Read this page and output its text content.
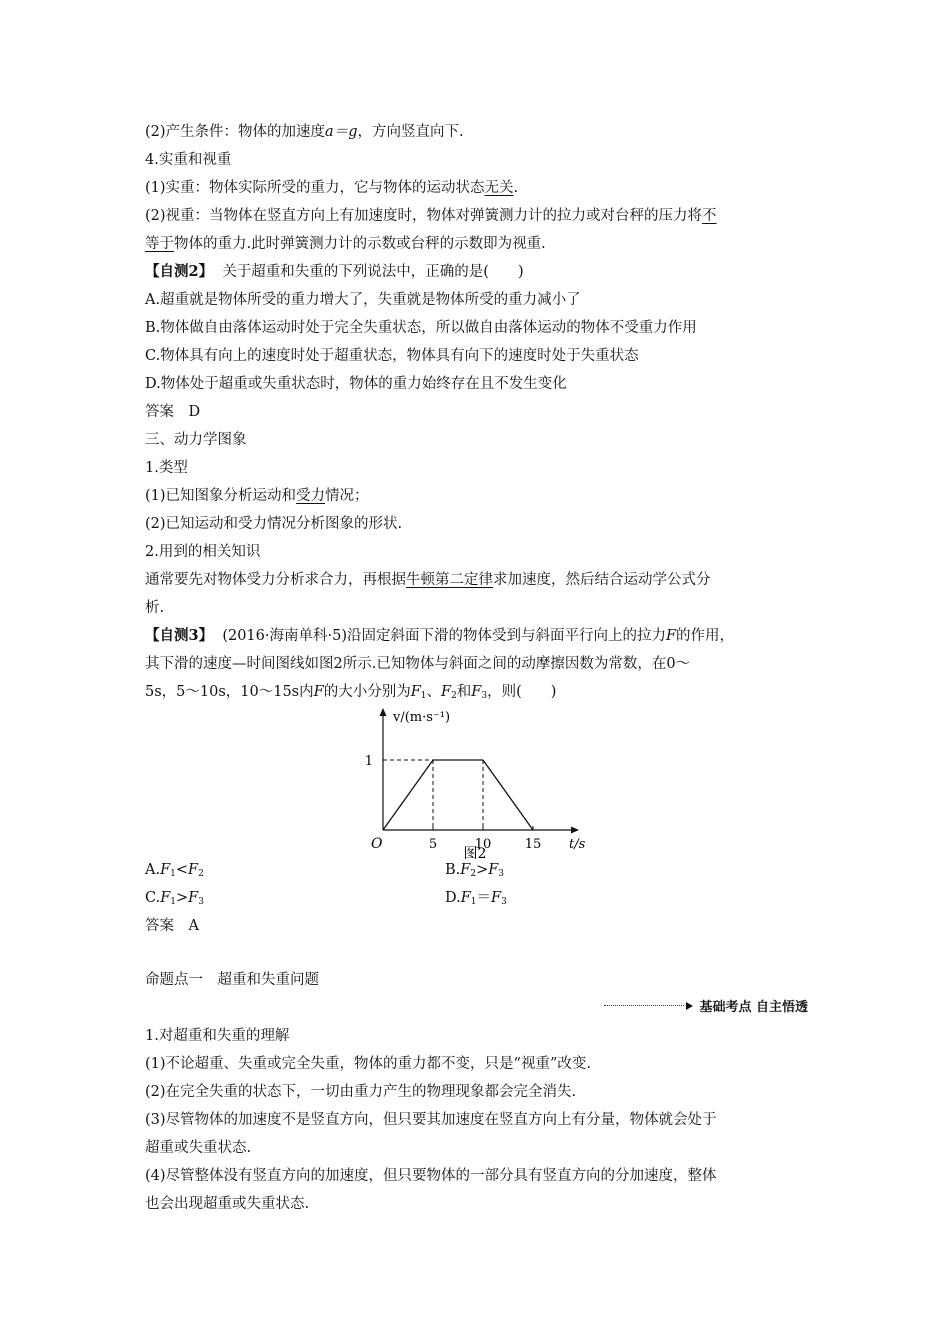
(2)产生条件：物体的加速度a＝g，方向竖直向下.
4.实重和视重
(1)实重：物体实际所受的重力，它与物体的运动状态无关.
(2)视重：当物体在竖直方向上有加速度时，物体对弹簧测力计的拉力或对台秤的压力将不
等于物体的重力.此时弹簧测力计的示数或台秤的示数即为视重.
【自测2】 关于超重和失重的下列说法中，正确的是(　　)
A.超重就是物体所受的重力增大了，失重就是物体所受的重力减小了
B.物体做自由落体运动时处于完全失重状态，所以做自由落体运动的物体不受重力作用
C.物体具有向上的速度时处于超重状态，物体具有向下的速度时处于失重状态
D.物体处于超重或失重状态时，物体的重力始终存在且不发生变化
答案　D
三、动力学图象
1.类型
(1)已知图象分析运动和受力情况；
(2)已知运动和受力情况分析图象的形状.
2.用到的相关知识
通常要先对物体受力分析求合力，再根据牛顿第二定律求加速度，然后结合运动学公式分
析.
【自测3】 (2016·海南单科·5)沿固定斜面下滑的物体受到与斜面平行向上的拉力F的作用，
其下滑的速度—时间图线如图2所示.已知物体与斜面之间的动摩擦因数为常数，在0～
5s，5～10s，10～15s内F的大小分别为$F_1$、$F_2$和$F_3$，则(　　)
v/(m·s⁻¹)
t/s
O	5	10	15
1
图2
$A.F_1<F_2$	$B.F_2>F_3$
$C.F_1>F_3$	$D.F_1=F_3$
答案　A
命题点一　超重和失重问题
基础考点 自主悟透
1.对超重和失重的理解
(1)不论超重、失重或完全失重，物体的重力都不变，只是“视重”改变.
(2)在完全失重的状态下，一切由重力产生的物理现象都会完全消失.
(3)尽管物体的加速度不是竖直方向，但只要其加速度在竖直方向上有分量，物体就会处于
超重或失重状态.
(4)尽管整体没有竖直方向的加速度，但只要物体的一部分具有竖直方向的分加速度，整体
也会出现超重或失重状态.
